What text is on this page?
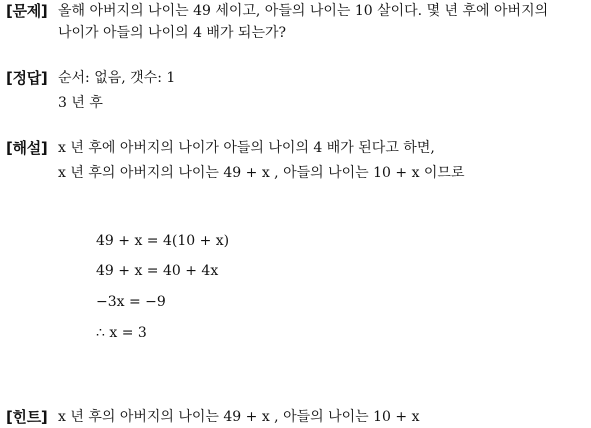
[문제] 올해 아버지의 나이는 49 세이고, 아들의 나이는 10 살이다. 몇 년 후에 아버지의
나이가 아들의 나이의 4 배가 되는가?
[정답] 순서: 없음, 갯수: 1
3 년 후
[해설] x 년 후에 아버지의 나이가 아들의 나이의 4 배가 된다고 하면,
x 년 후의 아버지의 나이는 49 + x , 아들의 나이는 10 + x 이므로
49 + x = 4(10 + x)
49 + x = 40 + 4x
−3x = −9
∴ x = 3
[힌트] x 년 후의 아버지의 나이는 49 + x , 아들의 나이는 10 + x
